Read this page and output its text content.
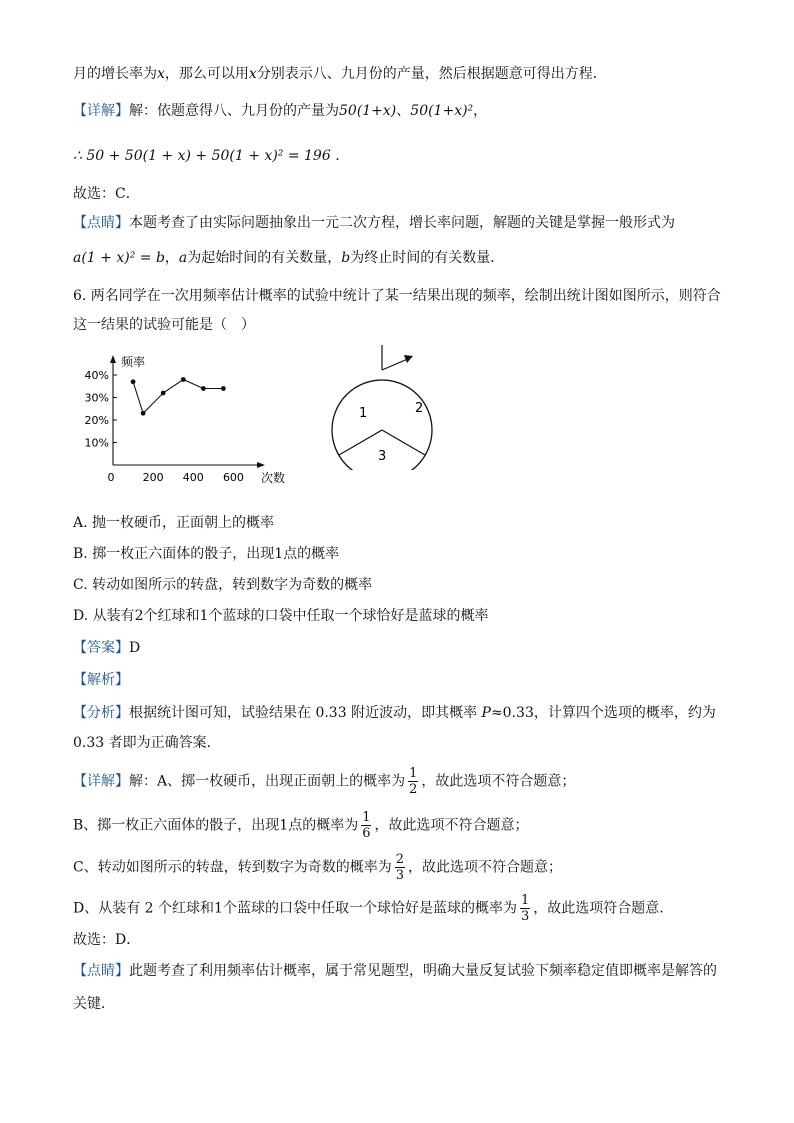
月的增长率为x，那么可以用x分别表示八、九月份的产量，然后根据题意可得出方程．
【详解】解：依题意得八、九月份的产量为50(1+x)、50(1+x)²，
∴ 50 + 50(1 + x) + 50(1 + x)² = 196 .
故选：C．
【点睛】本题考查了由实际问题抽象出一元二次方程，增长率问题，解题的关键是掌握一般形式为
a(1 + x)² = b，a为起始时间的有关数量，b为终止时间的有关数量．
6. 两名同学在一次用频率估计概率的试验中统计了某一结果出现的频率，绘制出统计图如图所示，则符合
这一结果的试验可能是（　）
10%
20%
30%
40%
0	200 400 600
频率
次数
1	2
3
A. 抛一枚硬币，正面朝上的概率
B. 掷一枚正六面体的骰子，出现1点的概率
C. 转动如图所示的转盘，转到数字为奇数的概率
D. 从装有2个红球和1个蓝球的口袋中任取一个球恰好是蓝球的概率
【答案】D
【解析】
【分析】根据统计图可知，试验结果在 0.33 附近波动，即其概率 P≈0.33，计算四个选项的概率，约为
0.33 者即为正确答案．
【详解】解：A、掷一枚硬币，出现正面朝上的概率为 $\frac{1}{2}$ ，故此选项不符合题意；
B、掷一枚正六面体的骰子，出现1点的概率为 $\frac{1}{6}$ ，故此选项不符合题意；
C、转动如图所示的转盘，转到数字为奇数的概率为 $\frac{2}{3}$ ，故此选项不符合题意；
D、从装有 2 个红球和1个蓝球的口袋中任取一个球恰好是蓝球的概率为 $\frac{1}{3}$ ，故此选项符合题意．
故选：D．
【点睛】此题考查了利用频率估计概率，属于常见题型，明确大量反复试验下频率稳定值即概率是解答的
关键．
